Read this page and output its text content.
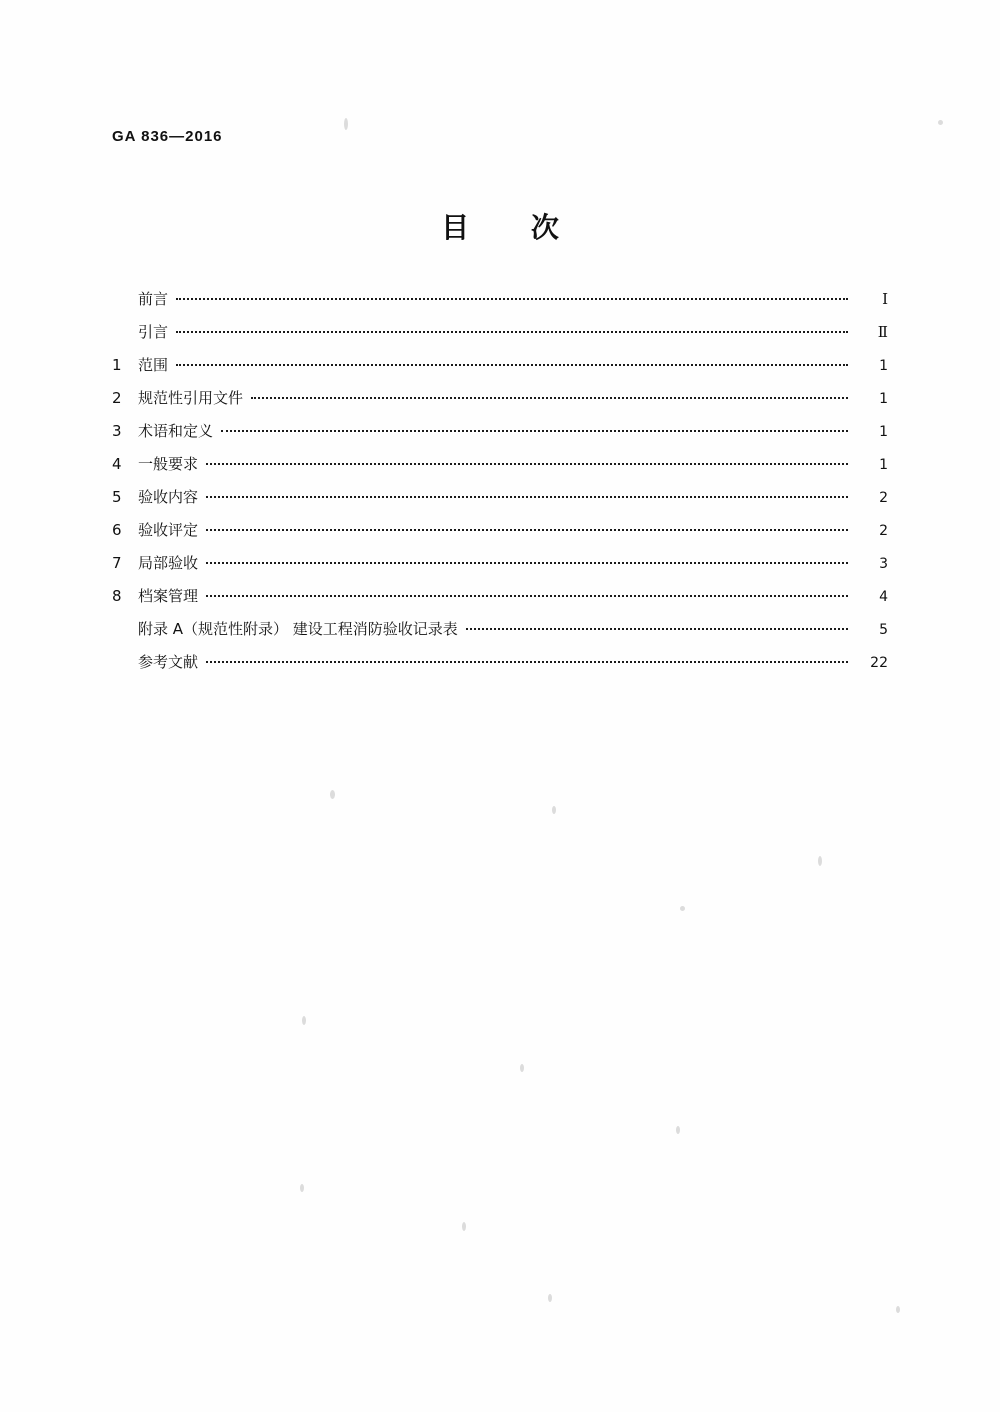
GA 836—2016
目 次
前言	Ⅰ
引言	Ⅱ
1	范围	1
2	规范性引用文件	1
3	术语和定义	1
4	一般要求	1
5	验收内容	2
6	验收评定	2
7	局部验收	3
8	档案管理	4
附录 A（规范性附录） 建设工程消防验收记录表	5
参考文献	22
